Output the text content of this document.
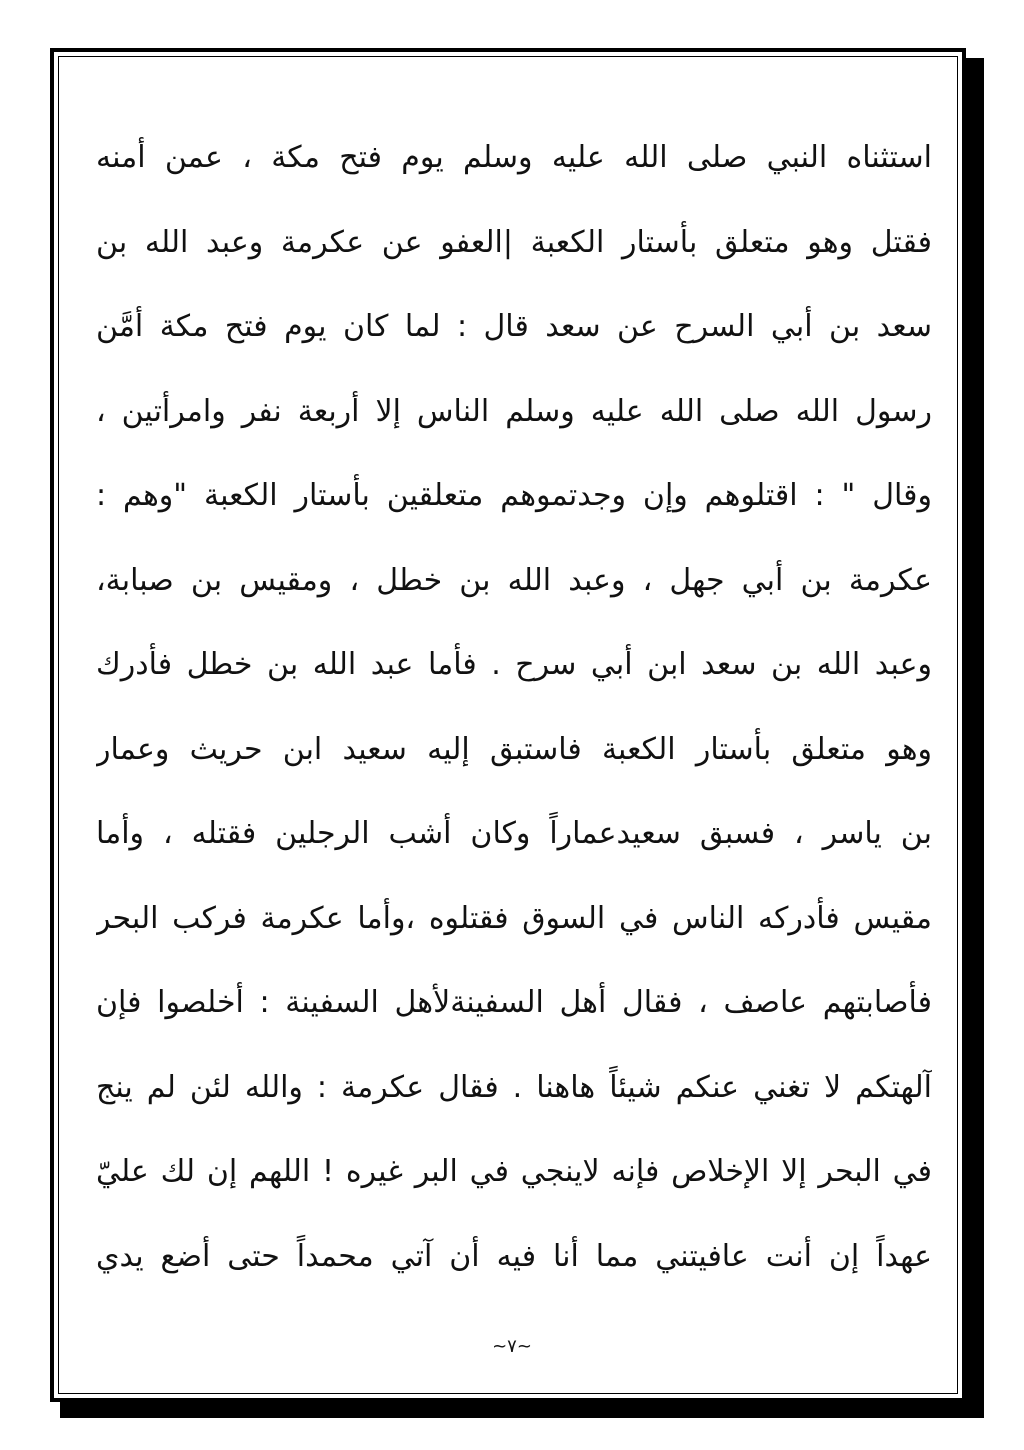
استثناه النبي صلى الله عليه وسلم يوم فتح مكة ، عمن أمنه
فقتل وهو متعلق بأستار الكعبة |العفو عن عكرمة وعبد الله بن
سعد بن أبي السرح عن سعد قال : لما كان يوم فتح مكة أمَّن
رسول الله صلى الله عليه وسلم الناس إلا أربعة نفر وامرأتين ،
وقال " : اقتلوهم وإن وجدتموهم متعلقين بأستار الكعبة "وهم :
عكرمة بن أبي جهل ، وعبد الله بن خطل ، ومقيس بن صبابة،
وعبد الله بن سعد ابن أبي سرح . فأما عبد الله بن خطل فأدرك
وهو متعلق بأستار الكعبة فاستبق إليه سعيد ابن حريث وعمار
بن ياسر ، فسبق سعيدعماراً وكان أشب الرجلين فقتله ، وأما
مقيس فأدركه الناس في السوق فقتلوه ،وأما عكرمة فركب البحر
فأصابتهم عاصف ، فقال أهل السفينةلأهل السفينة : أخلصوا فإن
آلهتكم لا تغني عنكم شيئاً هاهنا . فقال عكرمة : والله لئن لم ينج
في البحر إلا الإخلاص فإنه لاينجي في البر غيره ! اللهم إن لك عليّ
عهداً إن أنت عافيتني مما أنا فيه أن آتي محمداً حتى أضع يدي
~٧~
